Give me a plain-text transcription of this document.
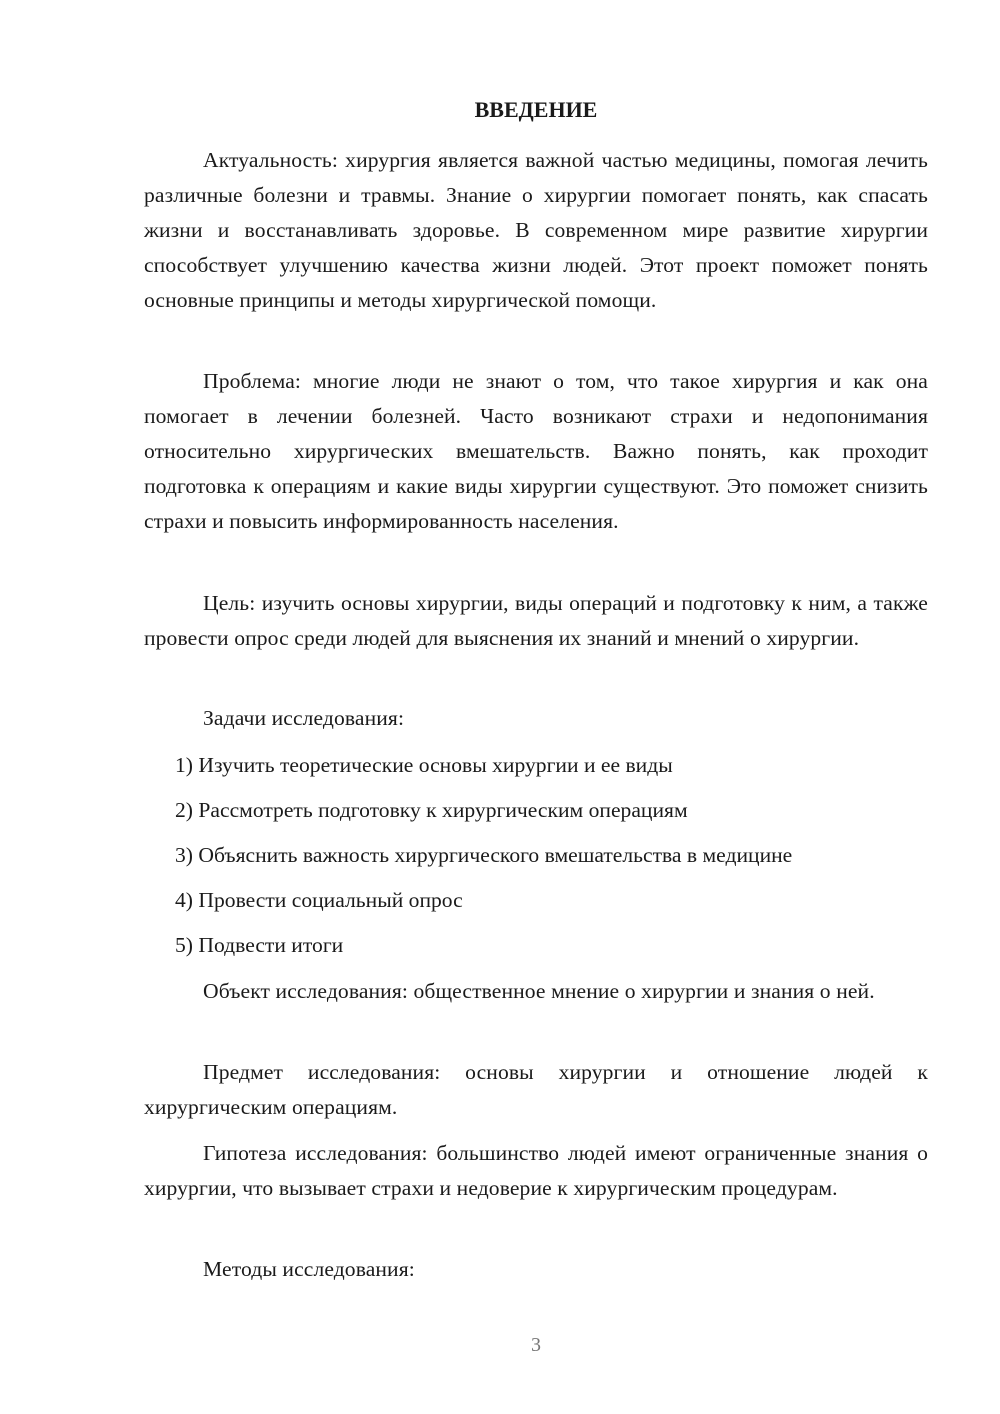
ВВЕДЕНИЕ

Актуальность: хирургия является важной частью медицины, помогая лечить различные болезни и травмы. Знание о хирургии помогает понять, как спасать жизни и восстанавливать здоровье. В современном мире развитие хирургии способствует улучшению качества жизни людей. Этот проект поможет понять основные принципы и методы хирургической помощи.

Проблема: многие люди не знают о том, что такое хирургия и как она помогает в лечении болезней. Часто возникают страхи и недопонимания относительно хирургических вмешательств. Важно понять, как проходит подготовка к операциям и какие виды хирургии существуют. Это поможет снизить страхи и повысить информированность населения.

Цель: изучить основы хирургии, виды операций и подготовку к ним, а также провести опрос среди людей для выяснения их знаний и мнений о хирургии.

Задачи исследования:

1) Изучить теоретические основы хирургии и ее виды

2) Рассмотреть подготовку к хирургическим операциям

3) Объяснить важность хирургического вмешательства в медицине

4) Провести социальный опрос

5) Подвести итоги

Объект исследования: общественное мнение о хирургии и знания о ней.

Предмет исследования: основы хирургии и отношение людей к хирургическим операциям.

Гипотеза исследования: большинство людей имеют ограниченные знания о хирургии, что вызывает страхи и недоверие к хирургическим процедурам.

Методы исследования:

3
